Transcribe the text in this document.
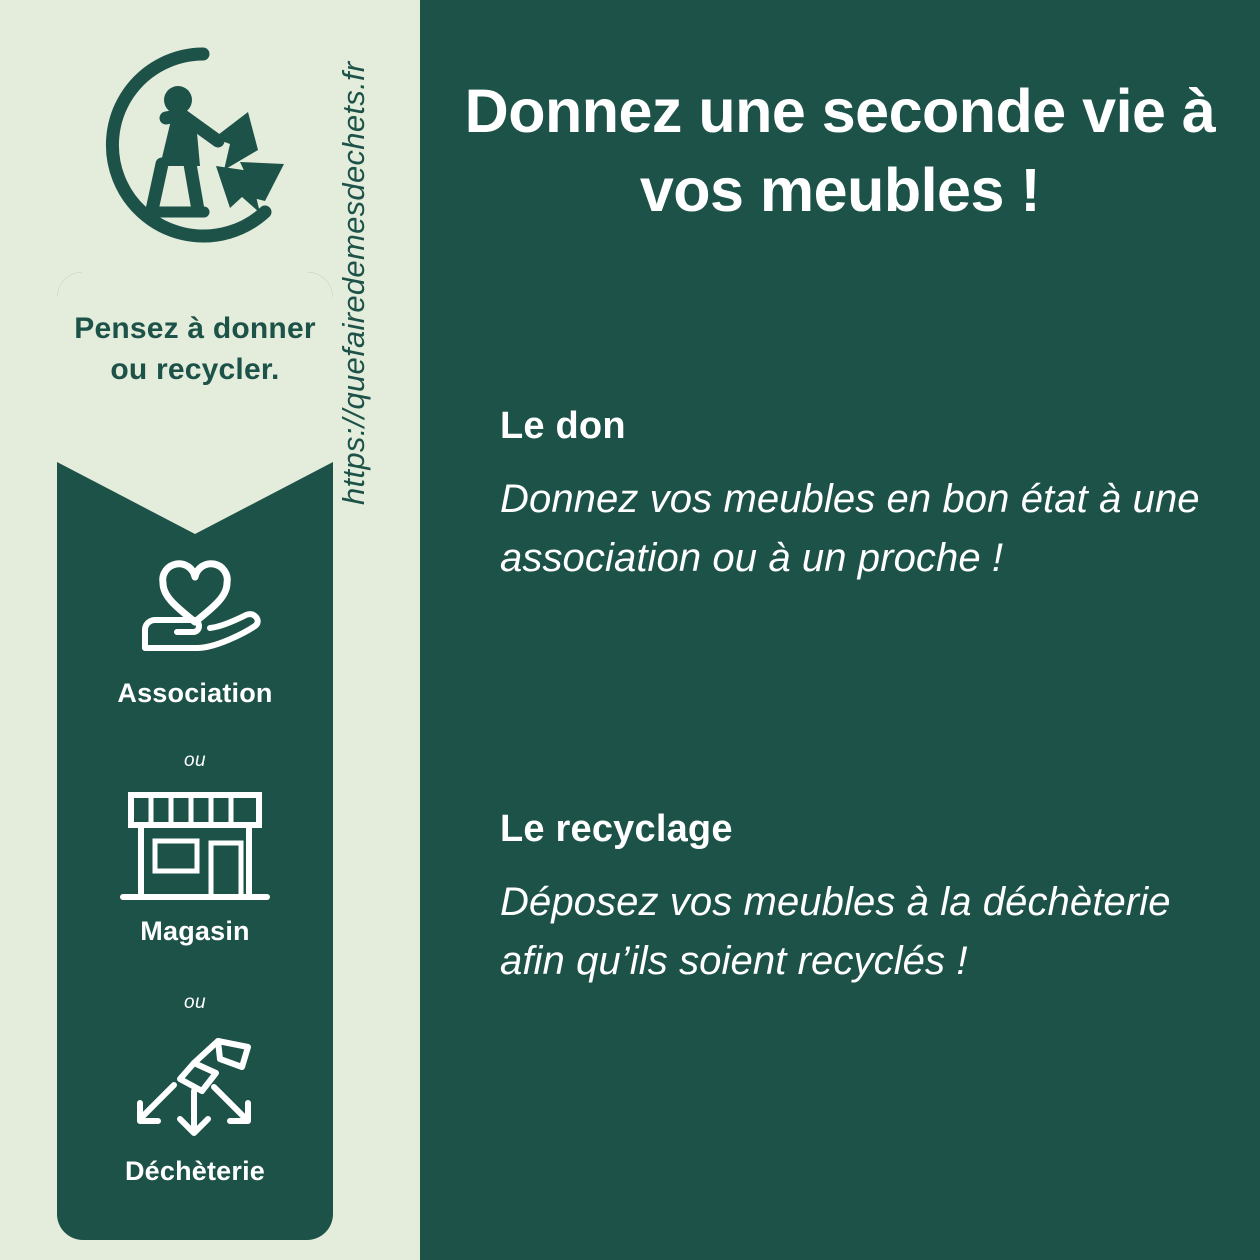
Pensez à donner ou recycler.
Association
ou
Magasin
ou
Déchèterie
https://quefairedemesdechets.fr	Donnez une seconde vie à vos meubles !
Le don
Donnez vos meubles en bon état à une association ou à un proche !
Le recyclage
Déposez vos meubles à la déchèterie afin qu’ils soient recyclés !
